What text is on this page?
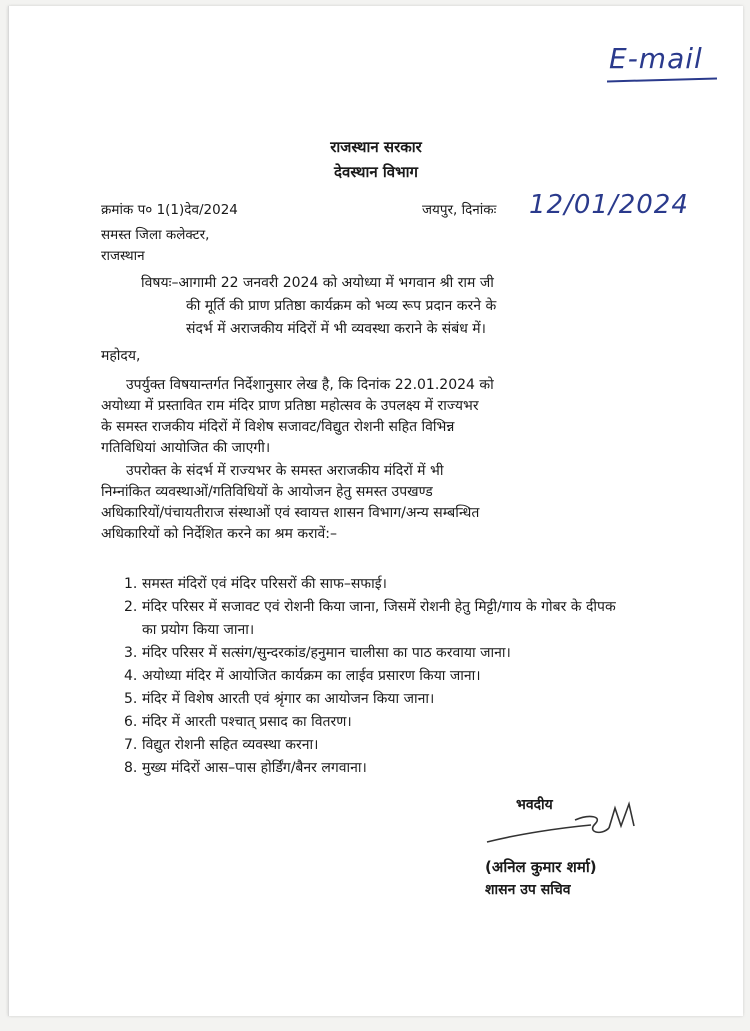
E-mail
राजस्थान सरकार
देवस्थान विभाग
क्रमांक प० 1(1)देव/2024	जयपुर, दिनांकः 12/01/2024
समस्त जिला कलेक्टर,
राजस्थान
विषयः–आगामी 22 जनवरी 2024 को अयोध्या में भगवान श्री राम जी
की मूर्ति की प्राण प्रतिष्ठा कार्यक्रम को भव्य रूप प्रदान करने के
संदर्भ में अराजकीय मंदिरों में भी व्यवस्था कराने के संबंध में।
महोदय,
उपर्युक्त विषयान्तर्गत निर्देशानुसार लेख है, कि दिनांक 22.01.2024 को
अयोध्या में प्रस्तावित राम मंदिर प्राण प्रतिष्ठा महोत्सव के उपलक्ष्य में राज्यभर
के समस्त राजकीय मंदिरों में विशेष सजावट/विद्युत रोशनी सहित विभिन्न
गतिविधियां आयोजित की जाएगी।
उपरोक्त के संदर्भ में राज्यभर के समस्त अराजकीय मंदिरों में भी
निम्नांकित व्यवस्थाओं/गतिविधियों के आयोजन हेतु समस्त उपखण्ड
अधिकारियों/पंचायतीराज संस्थाओं एवं स्वायत्त शासन विभाग/अन्य सम्बन्धित
अधिकारियों को निर्देशित करने का श्रम करावें:–
1. समस्त मंदिरों एवं मंदिर परिसरों की साफ–सफाई।
2. मंदिर परिसर में सजावट एवं रोशनी किया जाना, जिसमें रोशनी हेतु मिट्टी/गाय के गोबर के दीपक का प्रयोग किया जाना।
3. मंदिर परिसर में सत्संग/सुन्दरकांड/हनुमान चालीसा का पाठ करवाया जाना।
4. अयोध्या मंदिर में आयोजित कार्यक्रम का लाईव प्रसारण किया जाना।
5. मंदिर में विशेष आरती एवं श्रृंगार का आयोजन किया जाना।
6. मंदिर में आरती पश्चात् प्रसाद का वितरण।
7. विद्युत रोशनी सहित व्यवस्था करना।
8. मुख्य मंदिरों आस–पास होर्डिंग/बैनर लगवाना।
भवदीय
(अनिल कुमार शर्मा)
शासन उप सचिव
